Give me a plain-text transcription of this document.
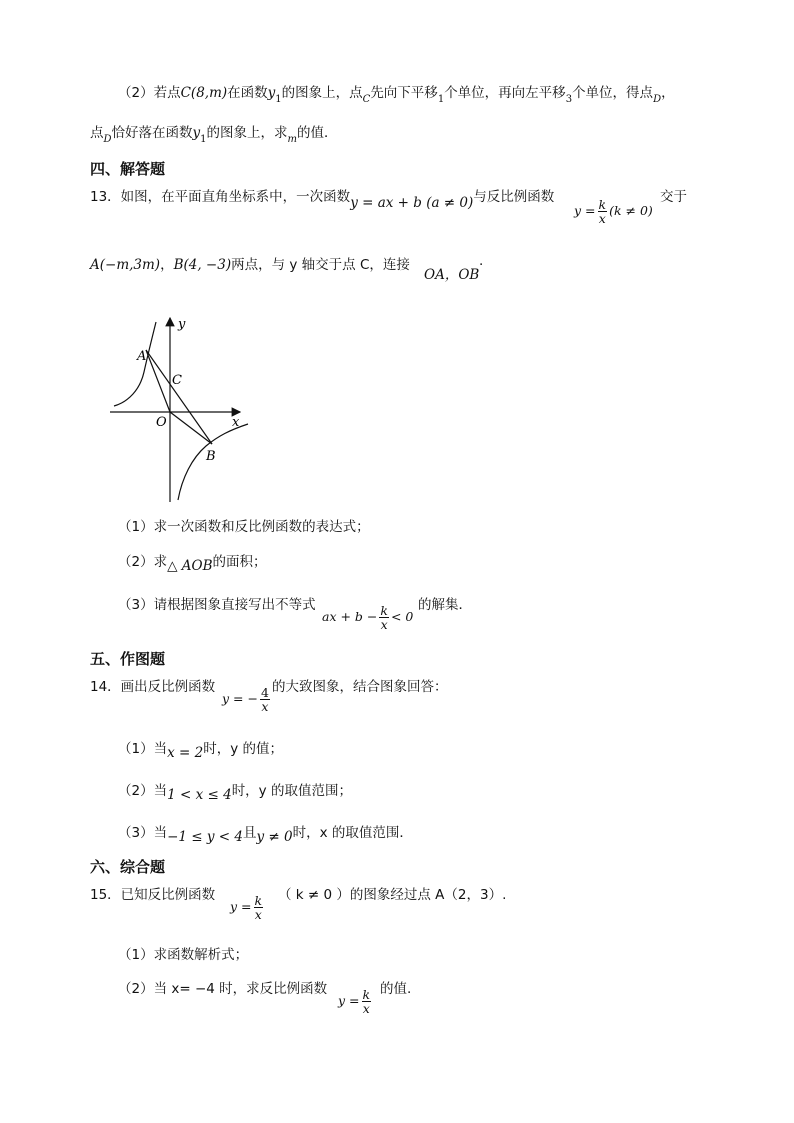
（2）若点C(8,m)在函数$y_1$的图象上，点$_C$先向下平移$_1$个单位，再向左平移$_3$个单位，得点$_D$，
点$_D$恰好落在函数$y_1$的图象上，求$_m$的值．
四、解答题
13．如图，在平面直角坐标系中，一次函数y = ax + b (a ≠ 0)与反比例函数
$y = \frac{k}{x} (k \ne 0)$
交于
A(−m,3m)，B(4, −3)两点，与 y 轴交于点 C，连接
OA，OB
.
y
x
A
C
O
B
（1）求一次函数和反比例函数的表达式；
（2）求△ AOB的面积；
（3）请根据图象直接写出不等式
ax + $b - \frac{k}{x} < 0$
的解集．
五、作图题
14．画出反比例函数
y = − $\frac{4}{x}$ 的大致图象，结合图象回答：
（1）当x = 2时，y 的值；
（2）当1 < x ≤ 4时，y 的取值范围；
（3）当−1 ≤ y < 4且y ≠ 0时，x 的取值范围．
六、综合题
15．已知反比例函数
$y = \frac{k}{x}$ （ k ≠ 0 ）的图象经过点 A（2，3）.
（1）求函数解析式；
（2）当 x= −4 时，求反比例函数
$y = \frac{k}{x}$ 的值.
